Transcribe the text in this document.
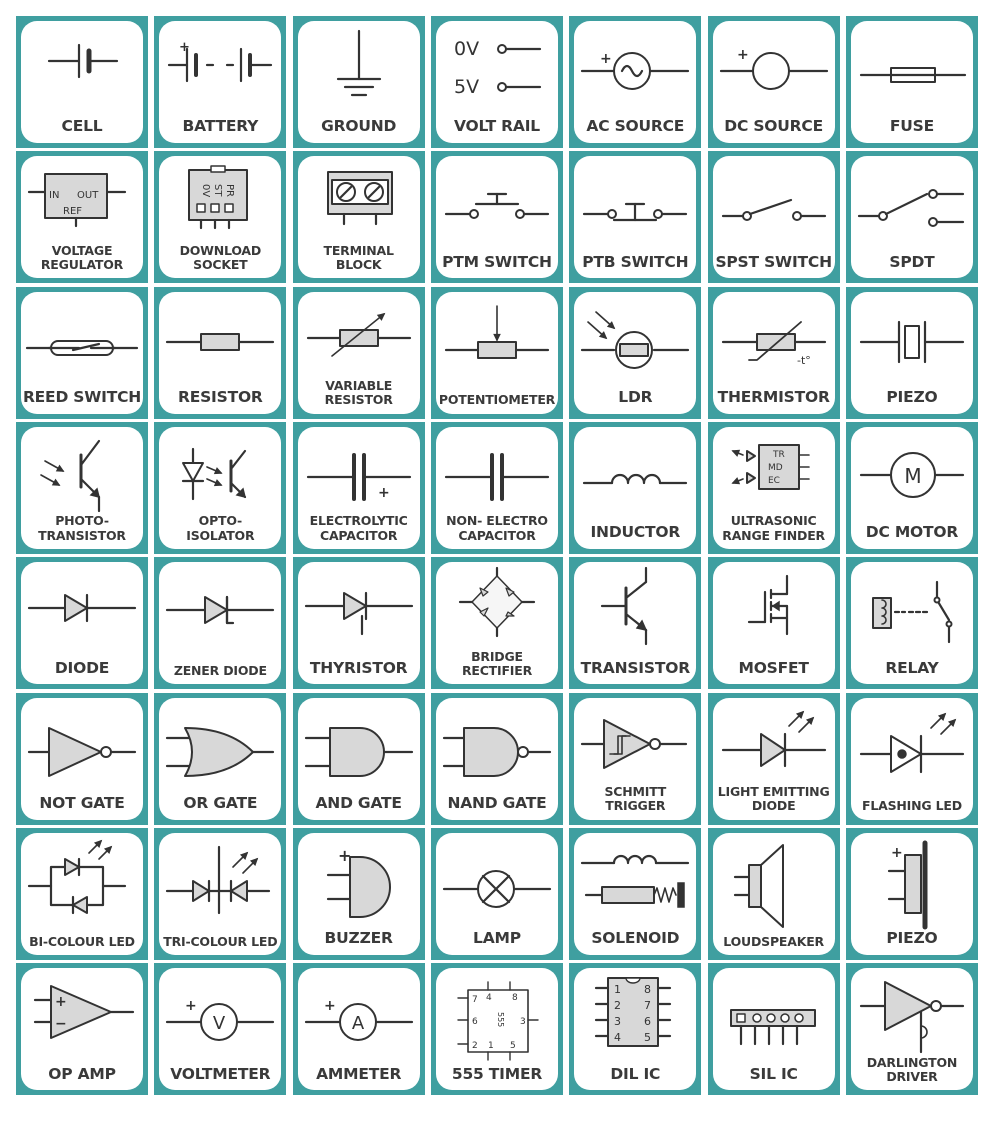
CELL
+
BATTERY	GROUND
0V
5V
VOLT RAIL
+
AC SOURCE
+
DC SOURCE	FUSE
IN OUT
REF
VOLTAGE
REGULATOR
PR
ST
0V
DOWNLOAD
SOCKET
TERMINAL
BLOCK	PTM SWITCH	PTB SWITCH	SPST SWITCH	SPDT
REED SWITCH	RESISTOR
VARIABLE
RESISTOR	POTENTIOMETER	LDR
-t°
THERMISTOR	PIEZO
PHOTO-
TRANSISTOR
OPTO-
ISOLATOR
+
ELECTROLYTIC
CAPACITOR
NON- ELECTRO
CAPACITOR	INDUCTOR
TR
MD
EC
ULTRASONIC
RANGE FINDER
M
DC MOTOR
DIODE	ZENER DIODE	THYRISTOR
BRIDGE
RECTIFIER	TRANSISTOR	MOSFET	RELAY
NOT GATE	OR GATE	AND GATE	NAND GATE
SCHMITT
TRIGGER
LIGHT EMITTING
DIODE	FLASHING LED
BI-COLOUR LED	TRI-COLOUR LED
+
BUZZER	LAMP	SOLENOID	LOUDSPEAKER
+
PIEZO
+
−
OP AMP
V
+
VOLTMETER
A
+
AMMETER
7 4 8
6	3
2 1 5
555
555 TIMER
1
2
3
4
8
7
6
5
DIL IC	SIL IC
DARLINGTON
DRIVER
